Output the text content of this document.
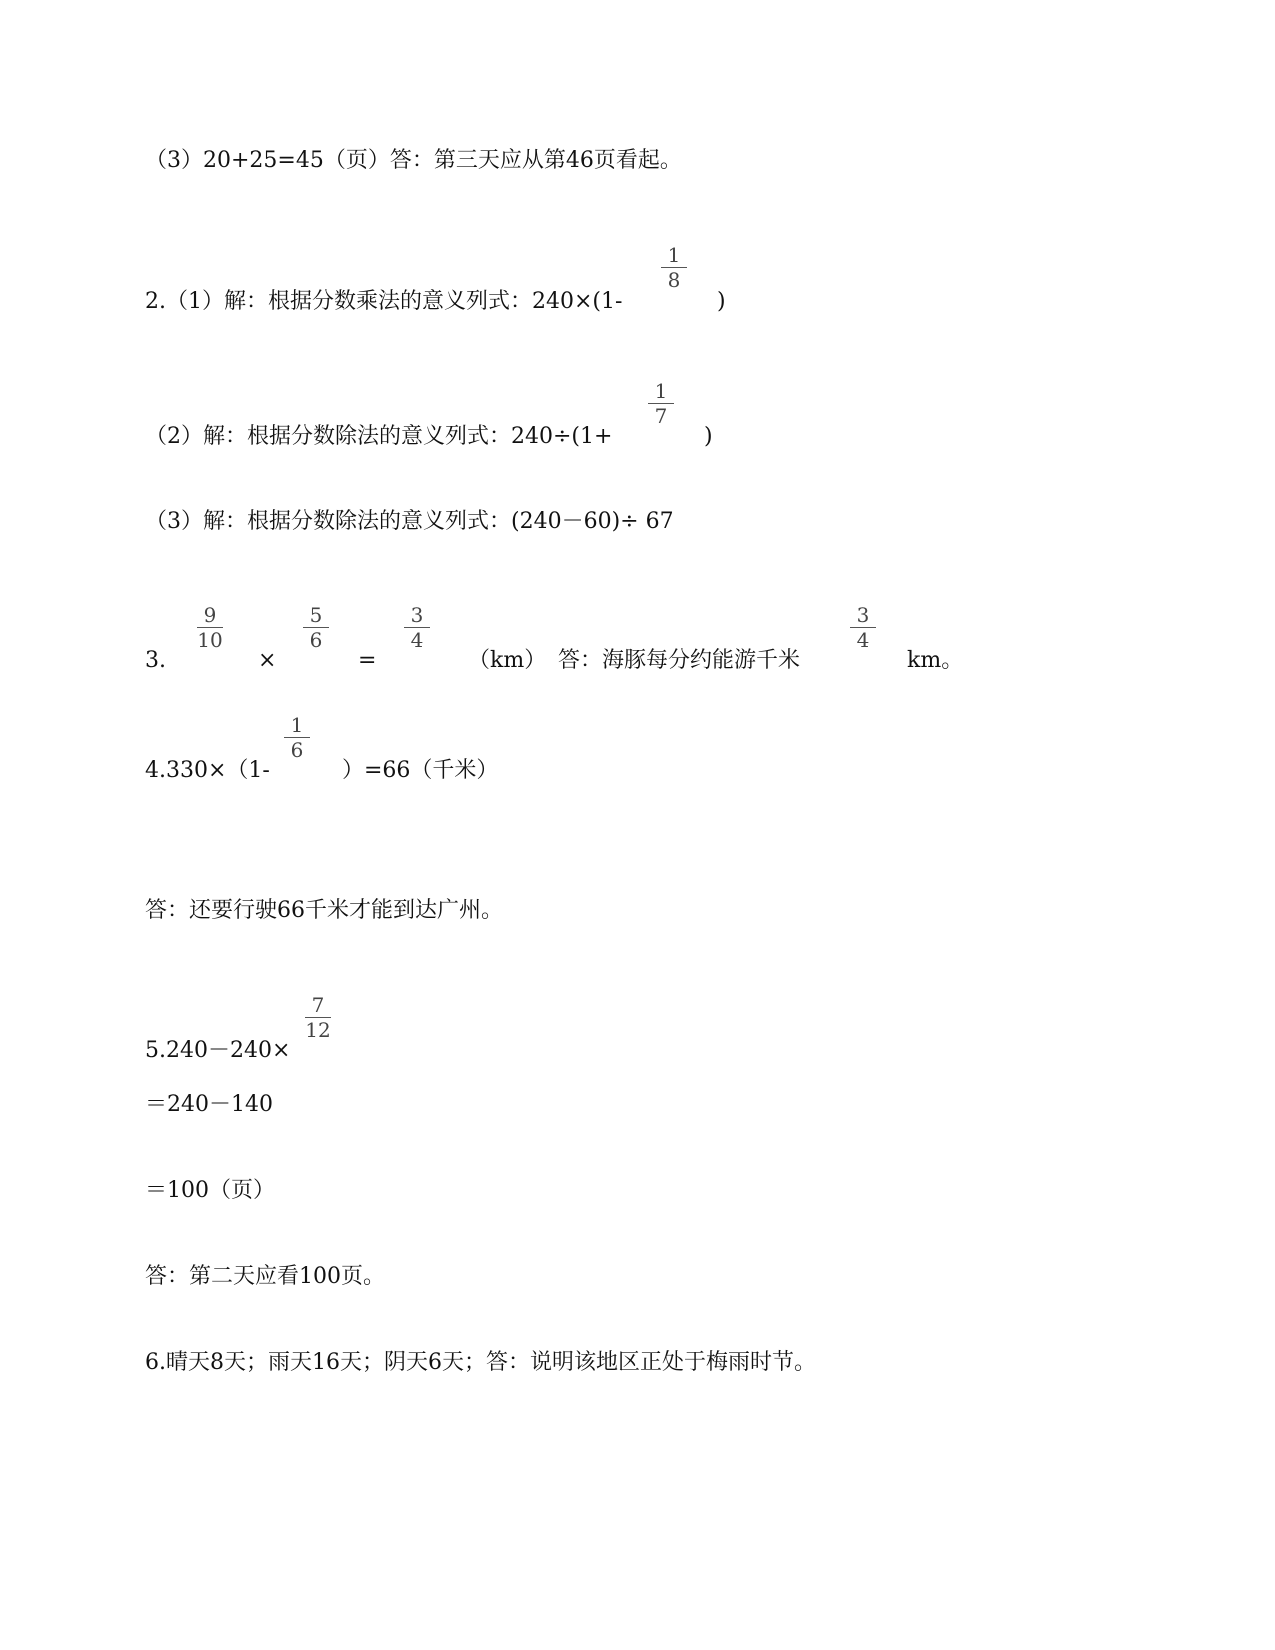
（3）20+25=45（页）答：第三天应从第46页看起。
2.（1）解：根据分数乘法的意义列式：240×(1-
1
8
)
（2）解：根据分数除法的意义列式：240÷(1+
1
7
)
（3）解：根据分数除法的意义列式：(240－60)÷ 67
3.
9
10
×
5
6
=
3
4
（km） 答：海豚每分约能游千米
3
4
km。
4.330×（1-
1
6
）=66（千米）
答：还要行驶66千米才能到达广州。
5.240－240×
7
12
＝240－140
＝100（页）
答：第二天应看100页。
6.晴天8天；雨天16天；阴天6天；答：说明该地区正处于梅雨时节。
